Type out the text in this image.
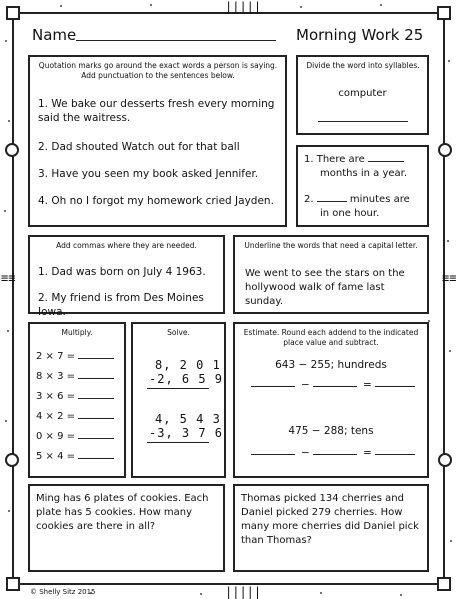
|||||
|||||
≡≡	≡≡
Name	Morning Work 25
Quotation marks go around the exact words a person is saying. Add punctuation to the sentences below.
1. We bake our desserts fresh every morning said the waitress.
2. Dad shouted Watch out for that ball
3. Have you seen my book asked Jennifer.
4. Oh no I forgot my homework cried Jayden.
Divide the word into syllables.
computer
1. There are
months in a year.
2.	minutes are
in one hour.
Add commas where they are needed.
1. Dad was born on July 4 1963.
2. My friend is from Des Moines Iowa.
Underline the words that need a capital letter.
We went to see the stars on the
hollywood walk of fame last sunday.
Multiply.
2 × 7 =
8 × 3 =
3 × 6 =
4 × 2 =
0 × 9 =
5 × 4 =
Solve.
8, 2 0 1
-2, 6 5 9
4, 5 4 3
-3, 3 7 6
Estimate. Round each addend to the indicated place value and subtract.
643 − 255; hundreds
−	=
475 − 288; tens
−	=
Ming has 6 plates of cookies. Each plate has 5 cookies. How many cookies are there in all?
Thomas picked 134 cherries and Daniel picked 279 cherries. How many more cherries did Daniel pick than Thomas?
© Shelly Sitz 2015
